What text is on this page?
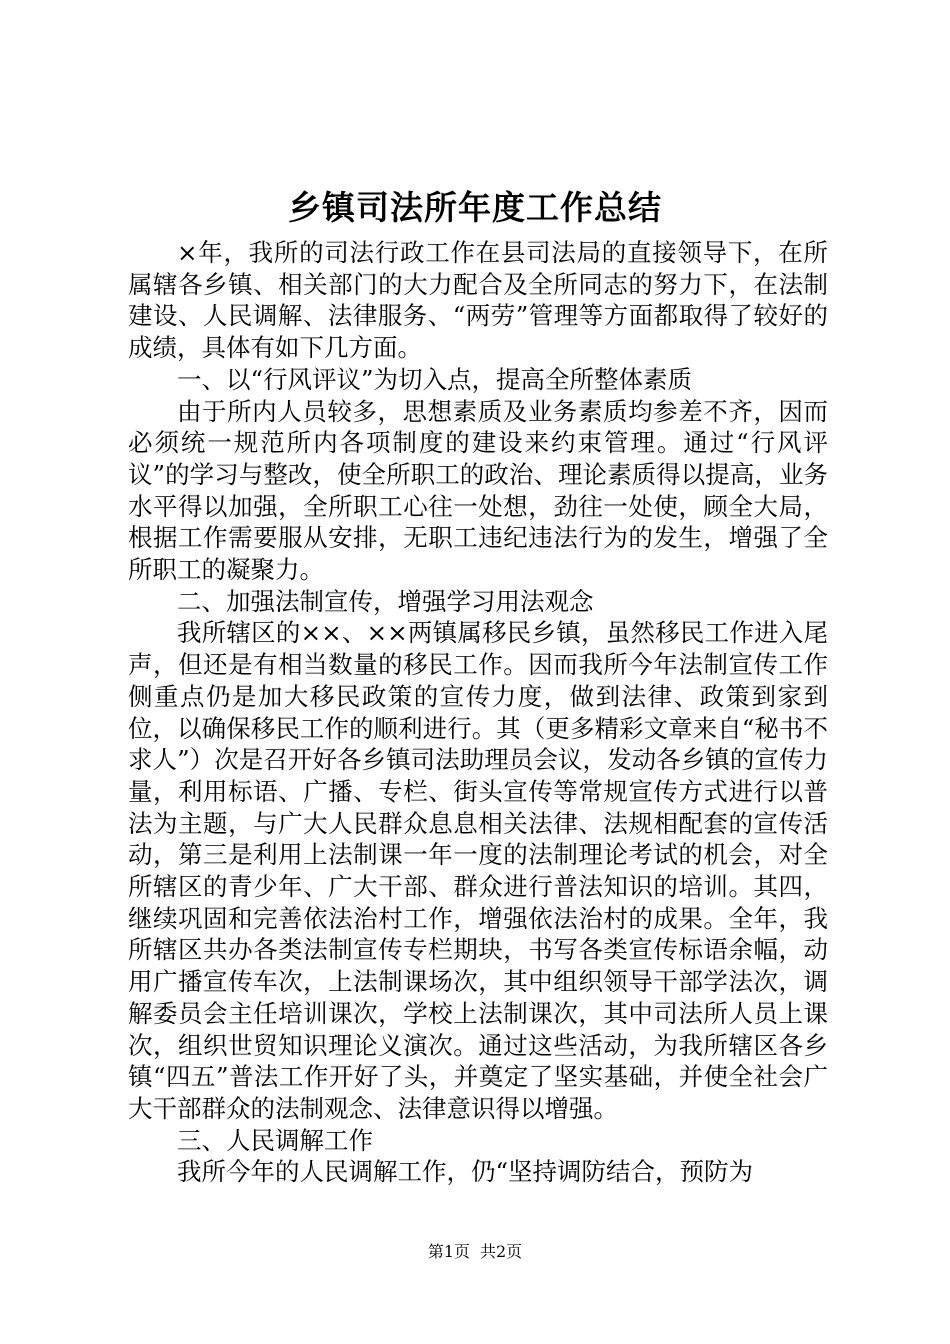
乡镇司法所年度工作总结

×年，我所的司法行政工作在县司法局的直接领导下，在所属辖各乡镇、相关部门的大力配合及全所同志的努力下，在法制建设、人民调解、法律服务、“两劳”管理等方面都取得了较好的成绩，具体有如下几方面。

一、以“行风评议”为切入点，提高全所整体素质

由于所内人员较多，思想素质及业务素质均参差不齐，因而必须统一规范所内各项制度的建设来约束管理。通过“行风评议”的学习与整改，使全所职工的政治、理论素质得以提高，业务水平得以加强，全所职工心往一处想，劲往一处使，顾全大局，根据工作需要服从安排，无职工违纪违法行为的发生，增强了全所职工的凝聚力。

二、加强法制宣传，增强学习用法观念

我所辖区的××、××两镇属移民乡镇，虽然移民工作进入尾声，但还是有相当数量的移民工作。因而我所今年法制宣传工作侧重点仍是加大移民政策的宣传力度，做到法律、政策到家到位，以确保移民工作的顺利进行。其（更多精彩文章来自“秘书不求人”）次是召开好各乡镇司法助理员会议，发动各乡镇的宣传力量，利用标语、广播、专栏、街头宣传等常规宣传方式进行以普法为主题，与广大人民群众息息相关法律、法规相配套的宣传活动，第三是利用上法制课一年一度的法制理论考试的机会，对全所辖区的青少年、广大干部、群众进行普法知识的培训。其四，继续巩固和完善依法治村工作，增强依法治村的成果。全年，我所辖区共办各类法制宣传专栏期块，书写各类宣传标语余幅，动用广播宣传车次，上法制课场次，其中组织领导干部学法次，调解委员会主任培训课次，学校上法制课次，其中司法所人员上课次，组织世贸知识理论义演次。通过这些活动，为我所辖区各乡镇“四五”普法工作开好了头，并奠定了坚实基础，并使全社会广大干部群众的法制观念、法律意识得以增强。

三、人民调解工作

我所今年的人民调解工作，仍“坚持调防结合，预防为

第1页 共2页
